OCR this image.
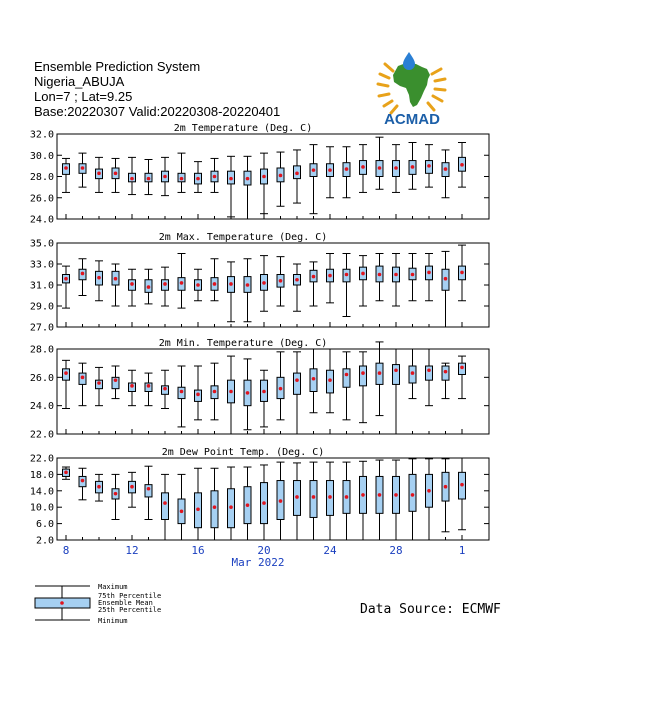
Ensemble Prediction System
Nigeria_ABUJA
Lon=7 ; Lat=9.25
Base:20220307 Valid:20220308-20220401	ACMAD
2m Temperature (Deg. C)
24.0
26.0
28.0
30.0
32.0
2m Max. Temperature (Deg. C)
27.0
29.0
31.0
33.0
35.0
2m Min. Temperature (Deg. C)
22.0
24.0
26.0
28.0
2m Dew Point Temp. (Deg. C)
2.0
6.0
10.0
14.0
18.0
22.0
8	12	16	20	24	28	1
Mar 2022
Maximum
75th Percentile
Ensemble Mean
25th Percentile
Minimum
Data Source: ECMWF
